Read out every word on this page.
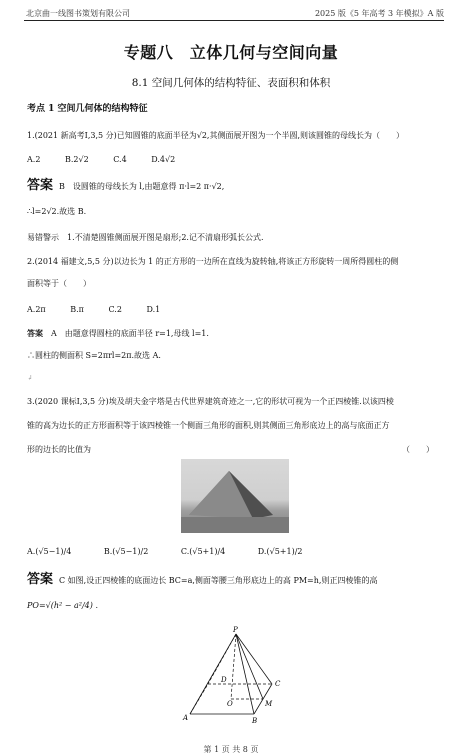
北京曲一线图书策划有限公司	2025 版《5 年高考 3 年模拟》A 版
专题八　立体几何与空间向量
8.1 空间几何体的结构特征、表面积和体积
考点 1 空间几何体的结构特征
1.(2021 新高考Ⅰ,3,5 分)已知圆锥的底面半径为√2,其侧面展开图为一个半圆,则该圆锥的母线长为（　　）
A.2	B.2√2	C.4	D.4√2
答案 B　设圆锥的母线长为 l,由题意得 π·l=2 π·√2,
∴l=2√2.故选 B.
易错警示　1.不清楚圆锥侧面展开图是扇形;2.记不清扇形弧长公式.
2.(2014 福建文,5,5 分)以边长为 1 的正方形的一边所在直线为旋转轴,将该正方形旋转一周所得圆柱的侧
面积等于（　　）
A.2π	B.π	C.2	D.1
答案 A　由题意得圆柱的底面半径 r=1,母线 l=1.
∴圆柱的侧面积 S=2πrl=2π.故选 A.
↲
3.(2020 课标Ⅰ,3,5 分)埃及胡夫金字塔是古代世界建筑奇迹之一,它的形状可视为一个正四棱锥.以该四棱
锥的高为边长的正方形面积等于该四棱锥一个侧面三角形的面积,则其侧面三角形底边上的高与底面正方
形的边长的比值为	（　　）
A.(√5−1)/4	B.(√5−1)/2	C.(√5+1)/4	D.(√5+1)/2
答案 C 如图,设正四棱锥的底面边长 BC=a,侧面等腰三角形底边上的高 PM=h,则正四棱锥的高
PO=√(h² − a²/4) .
P
A	B
C
D
O	M
第 1 页 共 8 页
